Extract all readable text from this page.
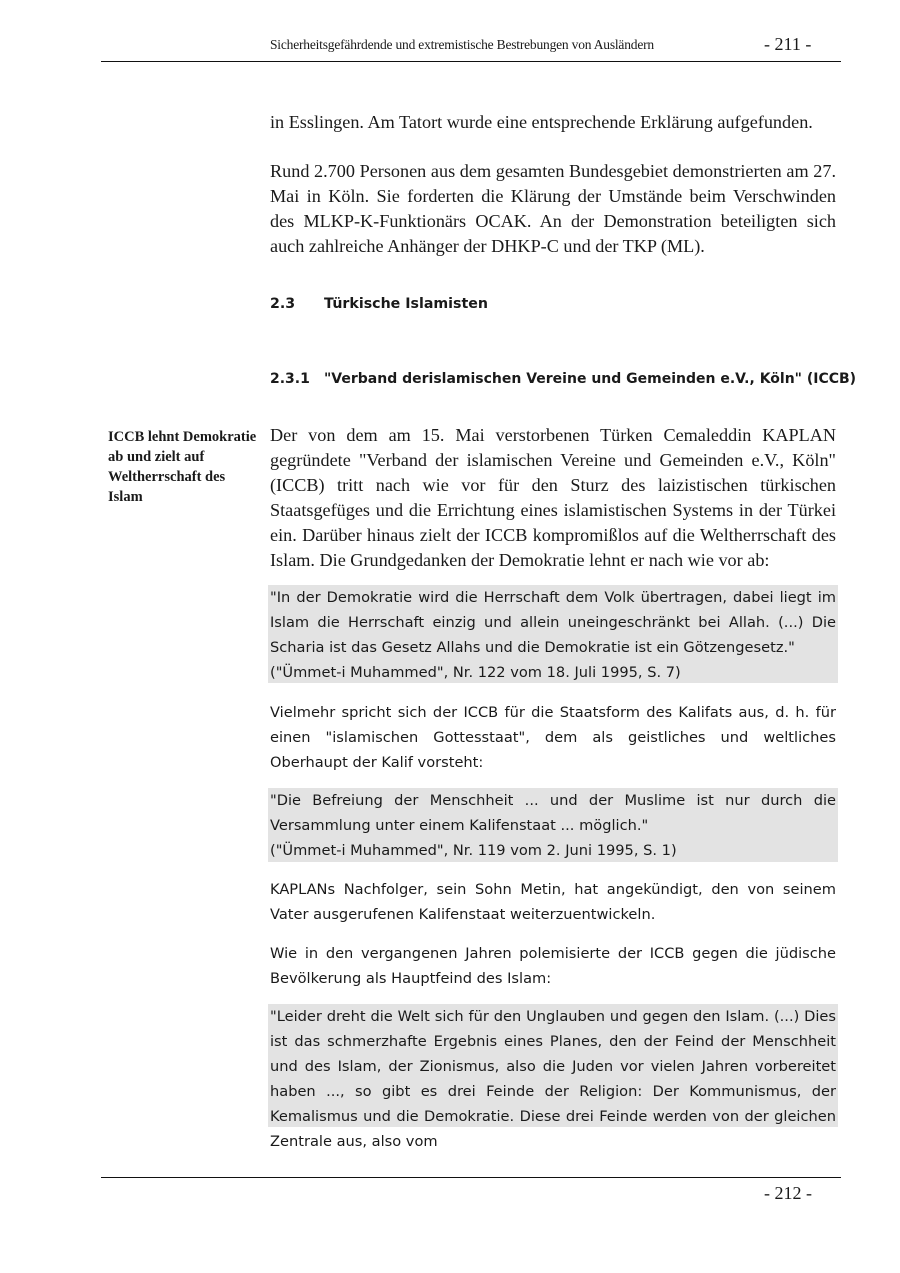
Sicherheitsgefährdende und extremistische Bestrebungen von Ausländern	- 211 -

in Esslingen. Am Tatort wurde eine entsprechende Erklärung aufgefunden.

Rund 2.700 Personen aus dem gesamten Bundesgebiet demonstrierten am 27. Mai in Köln. Sie forderten die Klärung der Umstände beim Verschwinden des MLKP-K-Funktionärs OCAK. An der Demonstration beteiligten sich auch zahlreiche Anhänger der DHKP-C und der TKP (ML).

2.3 Türkische Islamisten
2.3.1 "Verband derislamischen Vereine und Gemeinden e.V., Köln" (ICCB)
ICCB lehnt Demokratie ab und zielt auf Weltherrschaft des Islam

Der von dem am 15. Mai verstorbenen Türken Cemaleddin KAPLAN gegründete "Verband der islamischen Vereine und Gemeinden e.V., Köln" (ICCB) tritt nach wie vor für den Sturz des laizistischen türkischen Staatsgefüges und die Errichtung eines islamistischen Systems in der Türkei ein. Darüber hinaus zielt der ICCB kompromißlos auf die Weltherrschaft des Islam. Die Grundgedanken der Demokratie lehnt er nach wie vor ab:

"In der Demokratie wird die Herrschaft dem Volk übertragen, dabei liegt im Islam die Herrschaft einzig und allein uneingeschränkt bei Allah. (...) Die Scharia ist das Gesetz Allahs und die Demokratie ist ein Götzengesetz."

("Ümmet-i Muhammed", Nr. 122 vom 18. Juli 1995, S. 7)

Vielmehr spricht sich der ICCB für die Staatsform des Kalifats aus, d. h. für einen "islamischen Gottesstaat", dem als geistliches und weltliches Oberhaupt der Kalif vorsteht:

"Die Befreiung der Menschheit ... und der Muslime ist nur durch die Versammlung unter einem Kalifenstaat ... möglich."

("Ümmet-i Muhammed", Nr. 119 vom 2. Juni 1995, S. 1)

KAPLANs Nachfolger, sein Sohn Metin, hat angekündigt, den von seinem Vater ausgerufenen Kalifenstaat weiterzuentwickeln.

Wie in den vergangenen Jahren polemisierte der ICCB gegen die jüdische Bevölkerung als Hauptfeind des Islam:

"Leider dreht die Welt sich für den Unglauben und gegen den Islam. (...) Dies ist das schmerzhafte Ergebnis eines Planes, den der Feind der Menschheit und des Islam, der Zionismus, also die Juden vor vielen Jahren vorbereitet haben ..., so gibt es drei Feinde der Religion: Der Kommunismus, der Kemalismus und die Demokratie. Diese drei Feinde werden von der gleichen Zentrale aus, also vom

- 212 -
